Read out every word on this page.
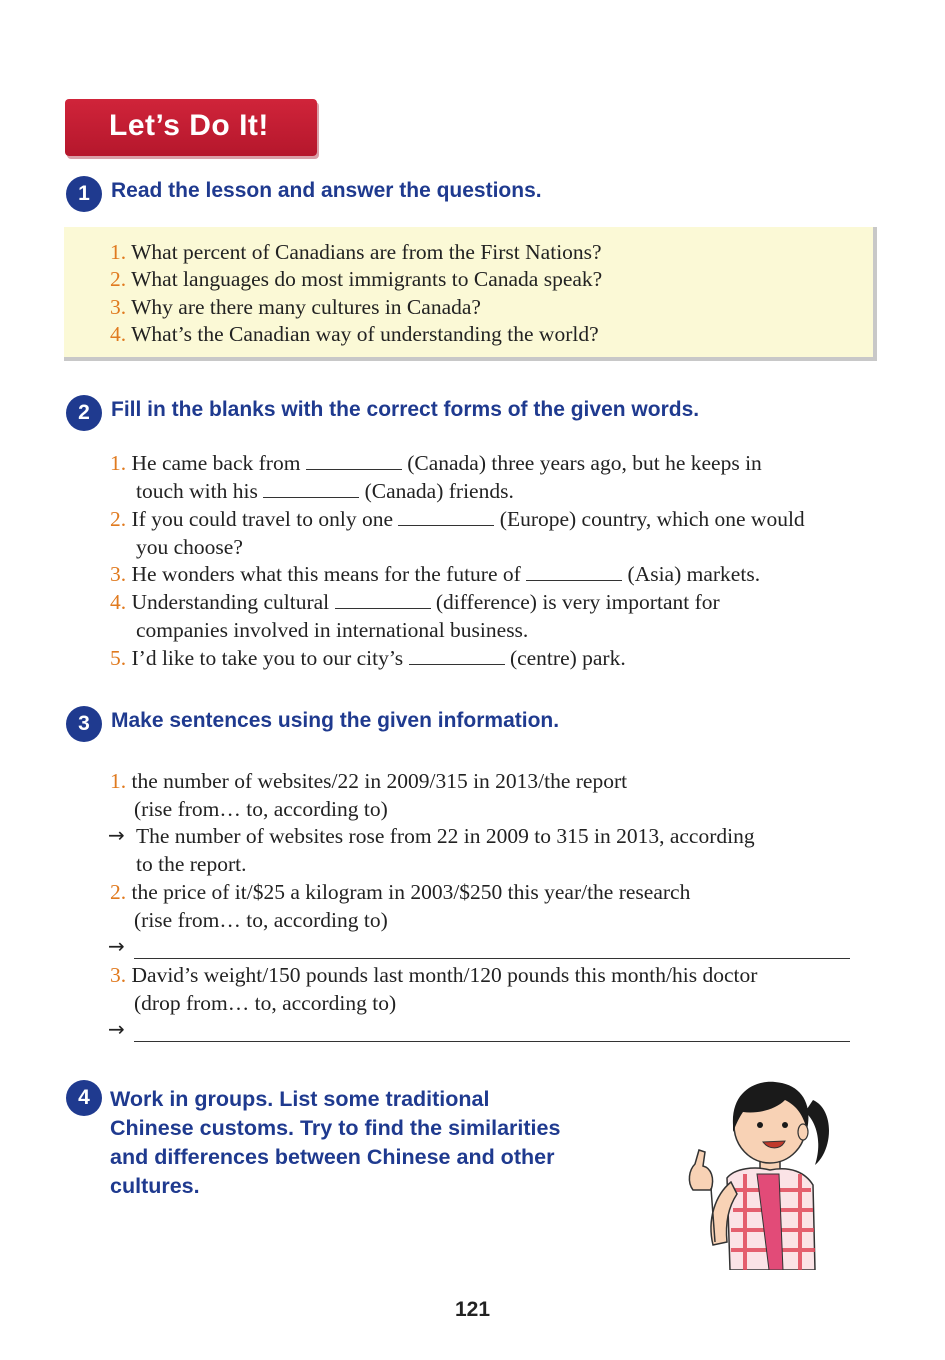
Let’s Do It!
1	Read the lesson and answer the questions.
1. What percent of Canadians are from the First Nations?
2. What languages do most immigrants to Canada speak?
3. Why are there many cultures in Canada?
4. What’s the Canadian way of understanding the world?
2	Fill in the blanks with the correct forms of the given words.
1. He came back from	(Canada) three years ago, but he keeps in
touch with his	(Canada) friends.
2. If you could travel to only one	(Europe) country, which one would
you choose?
3. He wonders what this means for the future of	(Asia) markets.
4. Understanding cultural	(difference) is very important for
companies involved in international business.
5. I’d like to take you to our city’s	(centre) park.
3	Make sentences using the given information.
1. the number of websites/22 in 2009/315 in 2013/the report
(rise from… to, according to)
→ The number of websites rose from 22 in 2009 to 315 in 2013, according
to the report.
2. the price of it/$25 a kilogram in 2003/$250 this year/the research
(rise from… to, according to)
→
3. David’s weight/150 pounds last month/120 pounds this month/his doctor
(drop from… to, according to)
→
4 Work in groups. List some traditional
Chinese customs. Try to find the similarities
and differences between Chinese and other
cultures.
121
